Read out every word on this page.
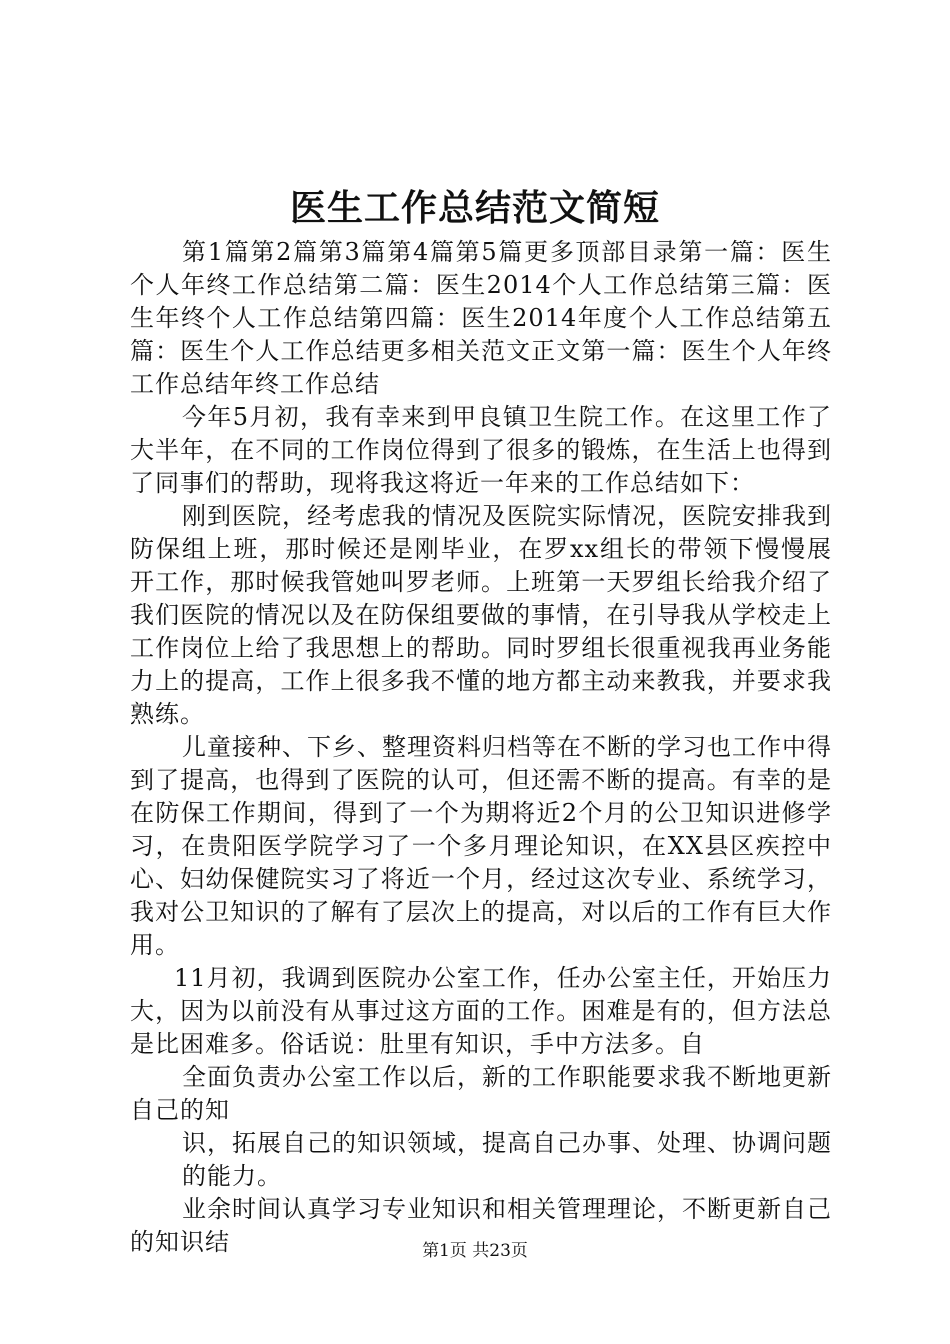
医生工作总结范文简短

第1篇第2篇第3篇第4篇第5篇更多顶部目录第一篇：医生个人年终工作总结第二篇：医生2014个人工作总结第三篇：医生年终个人工作总结第四篇：医生2014年度个人工作总结第五篇：医生个人工作总结更多相关范文正文第一篇：医生个人年终工作总结年终工作总结

今年5月初，我有幸来到甲良镇卫生院工作。在这里工作了大半年，在不同的工作岗位得到了很多的锻炼，在生活上也得到了同事们的帮助，现将我这将近一年来的工作总结如下：

刚到医院，经考虑我的情况及医院实际情况，医院安排我到防保组上班，那时候还是刚毕业，在罗xx组长的带领下慢慢展开工作，那时候我管她叫罗老师。上班第一天罗组长给我介绍了我们医院的情况以及在防保组要做的事情，在引导我从学校走上工作岗位上给了我思想上的帮助。同时罗组长很重视我再业务能力上的提高，工作上很多我不懂的地方都主动来教我，并要求我熟练。

儿童接种、下乡、整理资料归档等在不断的学习也工作中得到了提高，也得到了医院的认可，但还需不断的提高。有幸的是在防保工作期间，得到了一个为期将近2个月的公卫知识进修学习，在贵阳医学院学习了一个多月理论知识，在XX县区疾控中心、妇幼保健院实习了将近一个月，经过这次专业、系统学习，我对公卫知识的了解有了层次上的提高，对以后的工作有巨大作用。

11月初，我调到医院办公室工作，任办公室主任，开始压力大，因为以前没有从事过这方面的工作。困难是有的，但方法总是比困难多。俗话说：肚里有知识，手中方法多。自

全面负责办公室工作以后，新的工作职能要求我不断地更新自己的知

识，拓展自己的知识领域，提高自己办事、处理、协调问题的能力。

业余时间认真学习专业知识和相关管理理论，不断更新自己的知识结	第1页 共23页
